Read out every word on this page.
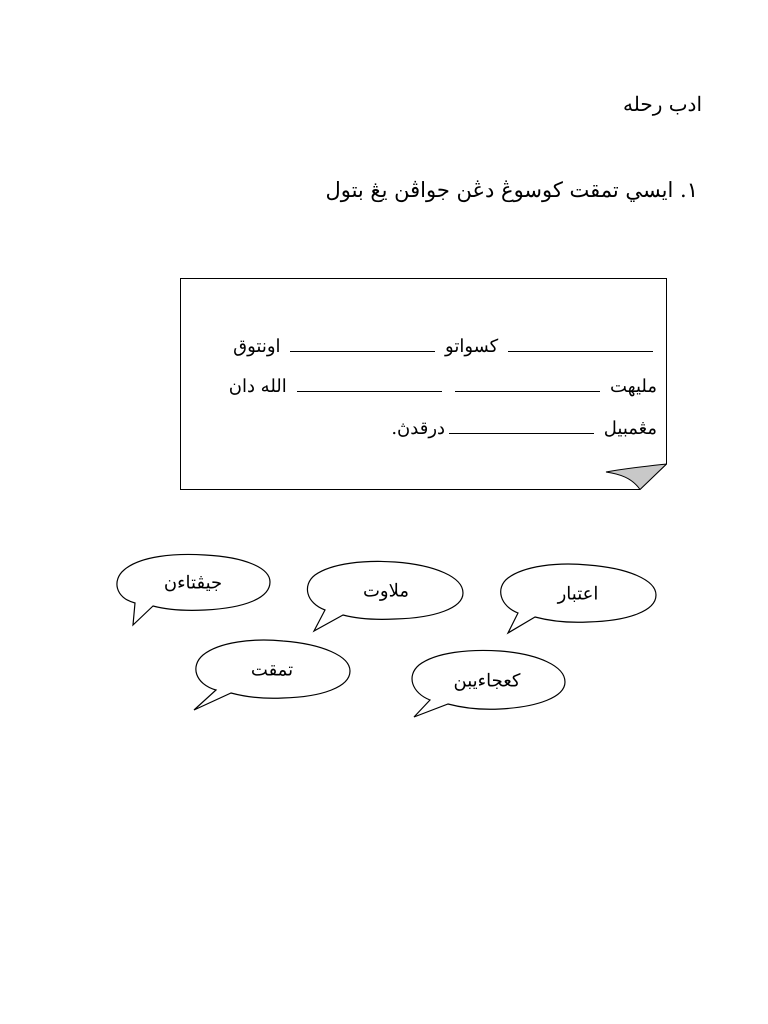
ادب رحله
١. ايسي تمقت كوسوڠ دڠن جواڤن يڠ بتول
كسواتو  اونتوق
مليهت   الله دان
مڠمبيل درقدڽ.
جيڤتاءن	ملاوت	اعتبار
تمقت
كعجاءيبن
